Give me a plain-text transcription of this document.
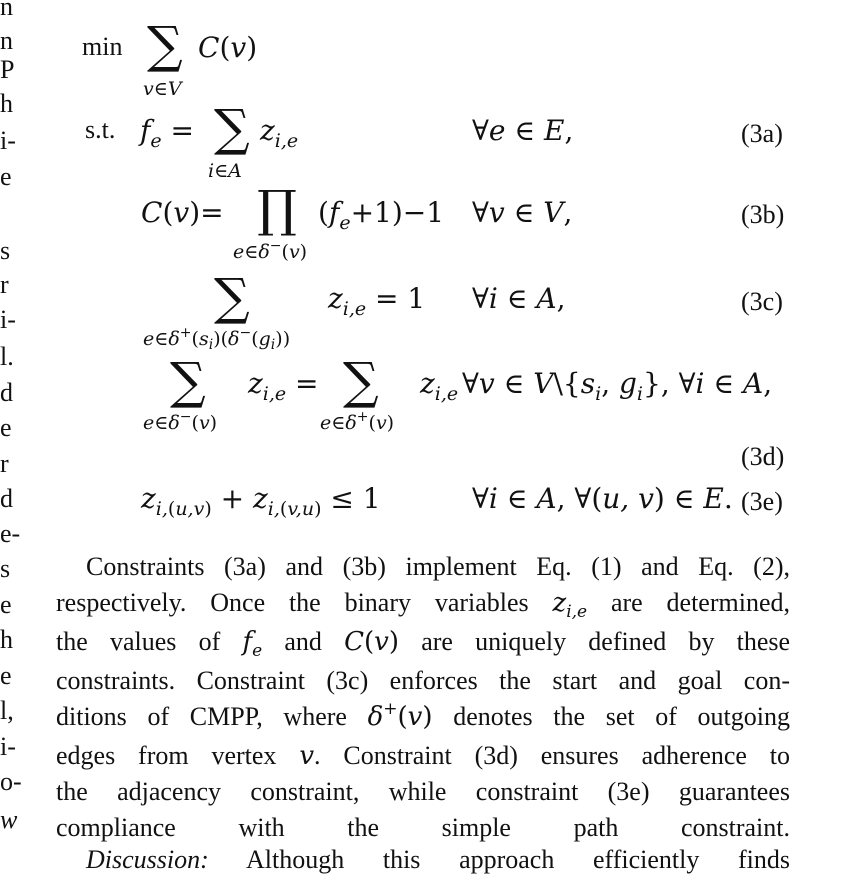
n
n
P
h
i-
e
s
r
i-
l.
d
e
r
d
e-
s
e
h
e
l,
i-
o-
w
min ∑
v∈V
C(v)
s.t. $f_e$ = ∑
i∈A
$z_{i,e}$	∀e ∈ E,	(3a)
C(v)= ∏
e∈δ−(v)
$(f_e+1)-1$ ∀v ∈ V,	(3b)
∑
$e\in\delta^+(s_i)(\delta^-(g_i))$
$z_{i,e} = 1$ ∀i ∈ A,	(3c)
∑
e∈δ−(v)
$z_{i,e}$ = ∑
e∈δ+(v)
$z_{i,e}$ ∀v ∈ $V\backslash\{s_i$, $g_i$}, ∀i ∈ A,
(3d)
$z_{i,(u,v)} + z_{i,(v,u)} \le 1$	∀i ∈ A, ∀(u, v) ∈ E. (3e)
Constraints (3a) and (3b) implement Eq. (1) and Eq. (2),
respectively. Once the binary variables $z_{i,e}$ are determined,
the values of $f_e$ and C(v) are uniquely defined by these
constraints. Constraint (3c) enforces the start and goal con-
ditions of CMPP, where δ+(v) denotes the set of outgoing
edges from vertex v. Constraint (3d) ensures adherence to
the adjacency constraint, while constraint (3e) guarantees
compliance with the simple path constraint.
Discussion: Although this approach efficiently finds
